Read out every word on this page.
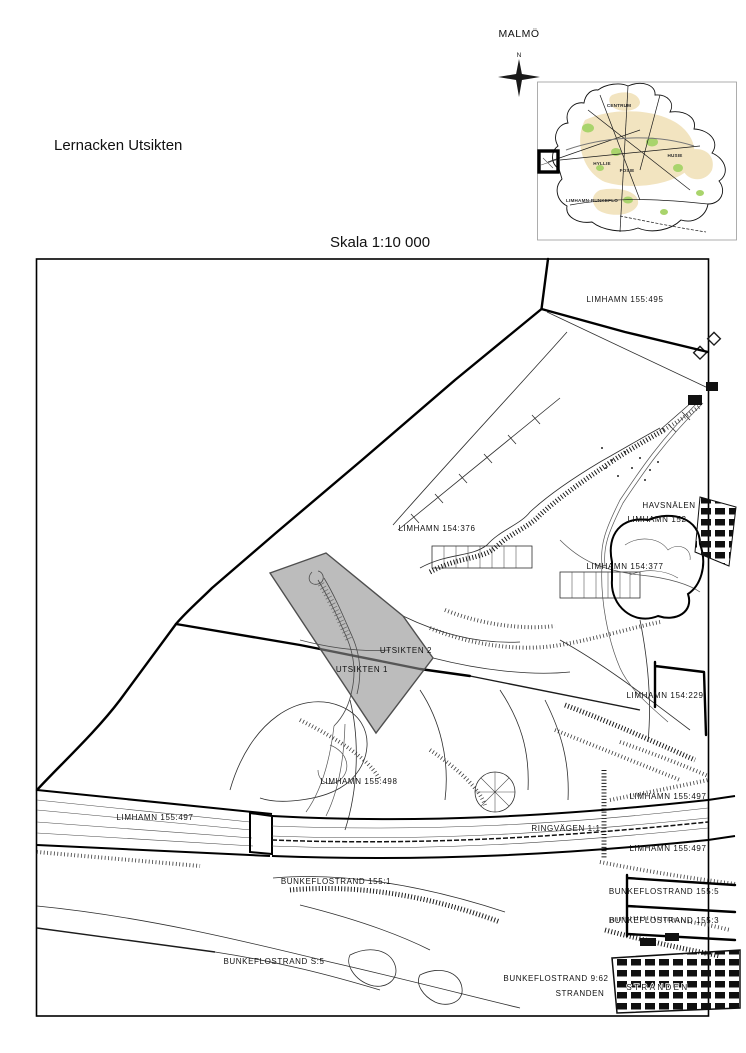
MALMÖ
N
Lernacken Utsikten
Skala 1:10 000
CENTRUM
HUSIE
HYLLIE
FOSIE
LIMHAMN-BUNKEFLO
LIMHAMN 155:495
LIMHAMN 154:376
HAVSNÄLEN
LIMHAMN 152
LIMHAMN 154:377
UTSIKTEN 2
UTSIKTEN 1
LIMHAMN 154:229
LIMHAMN 155:498
LIMHAMN 155:497
LIMHAMN 155:497
RINGVÄGEN 1:1
LIMHAMN 155:497
BUNKEFLOSTRAND 155:1
BUNKEFLOSTRAND 155:5
BUNKEFLOSTRAND 155:3
BUNKEFLOSTRAND S:5
BUNKEFLOSTRAND 9:62
STRANDEN
STRANDEN
